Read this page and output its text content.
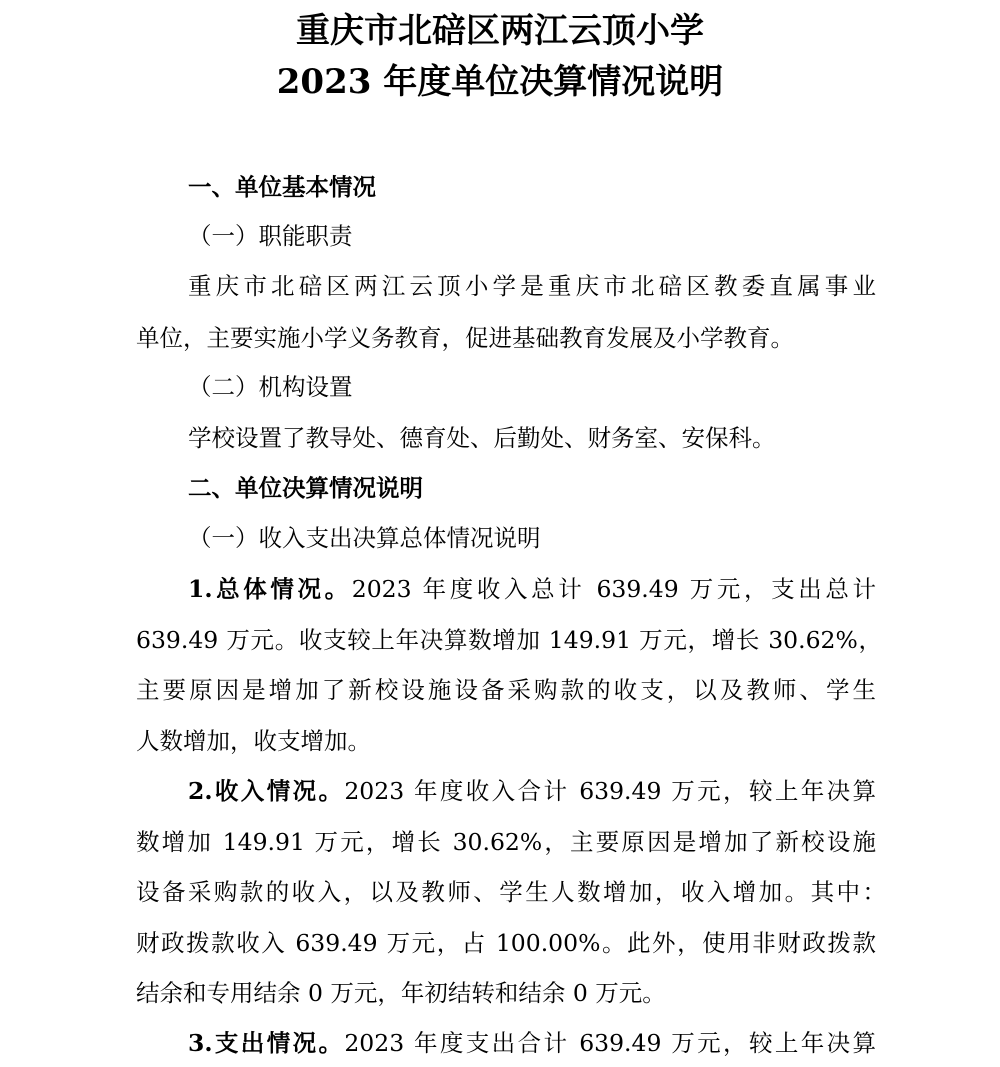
重庆市北碚区两江云顶小学
2023 年度单位决算情况说明
一、单位基本情况
（一）职能职责
重庆市北碚区两江云顶小学是重庆市北碚区教委直属事业
单位，主要实施小学义务教育，促进基础教育发展及小学教育。
（二）机构设置
学校设置了教导处、德育处、后勤处、财务室、安保科。
二、单位决算情况说明
（一）收入支出决算总体情况说明
1.总体情况。2023 年度收入总计 639.49 万元，支出总计
639.49 万元。收支较上年决算数增加 149.91 万元，增长 30.62%，
主要原因是增加了新校设施设备采购款的收支，以及教师、学生
人数增加，收支增加。
2.收入情况。2023 年度收入合计 639.49 万元，较上年决算
数增加 149.91 万元，增长 30.62%，主要原因是增加了新校设施
设备采购款的收入，以及教师、学生人数增加，收入增加。其中：
财政拨款收入 639.49 万元，占 100.00%。此外，使用非财政拨款
结余和专用结余 0 万元，年初结转和结余 0 万元。
3.支出情况。2023 年度支出合计 639.49 万元，较上年决算
